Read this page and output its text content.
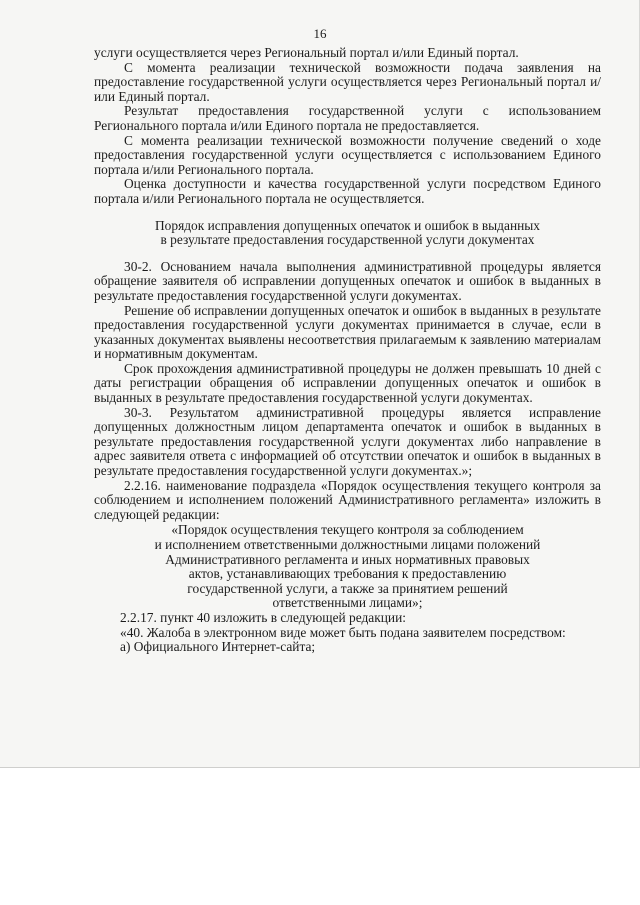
16

услуги осуществляется через Региональный портал и/или Единый портал.

С момента реализации технической возможности подача заявления на предоставление государственной услуги осуществляется через Региональный портал и/или Единый портал.

Результат предоставления государственной услуги с использованием Регионального портала и/или Единого портала не предоставляется.

С момента реализации технической возможности получение сведений о ходе предоставления государственной услуги осуществляется с использованием Единого портала и/или Регионального портала.

Оценка доступности и качества государственной услуги посредством Единого портала и/или Регионального портала не осуществляется.

Порядок исправления допущенных опечаток и ошибок в выданных

в результате предоставления государственной услуги документах

30-2. Основанием начала выполнения административной процедуры является обращение заявителя об исправлении допущенных опечаток и ошибок в выданных в результате предоставления государственной услуги документах.

Решение об исправлении допущенных опечаток и ошибок в выданных в результате предоставления государственной услуги документах принимается в случае, если в указанных документах выявлены несоответствия прилагаемым к заявлению материалам и нормативным документам.

Срок прохождения административной процедуры не должен превышать 10 дней с даты регистрации обращения об исправлении допущенных опечаток и ошибок в выданных в результате предоставления государственной услуги документах.

30-3. Результатом административной процедуры является исправление допущенных должностным лицом департамента опечаток и ошибок в выданных в результате предоставления государственной услуги документах либо направление в адрес заявителя ответа с информацией об отсутствии опечаток и ошибок в выданных в результате предоставления государственной услуги документах.»;

2.2.16. наименование подраздела «Порядок осуществления текущего контроля за соблюдением и исполнением положений Административного регламента» изложить в следующей редакции:

«Порядок осуществления текущего контроля за соблюдением

и исполнением ответственными должностными лицами положений

Административного регламента и иных нормативных правовых

актов, устанавливающих требования к предоставлению

государственной услуги, а также за принятием решений

ответственными лицами»;

2.2.17. пункт 40 изложить в следующей редакции:

«40. Жалоба в электронном виде может быть подана заявителем посредством:

а) Официального Интернет-сайта;
